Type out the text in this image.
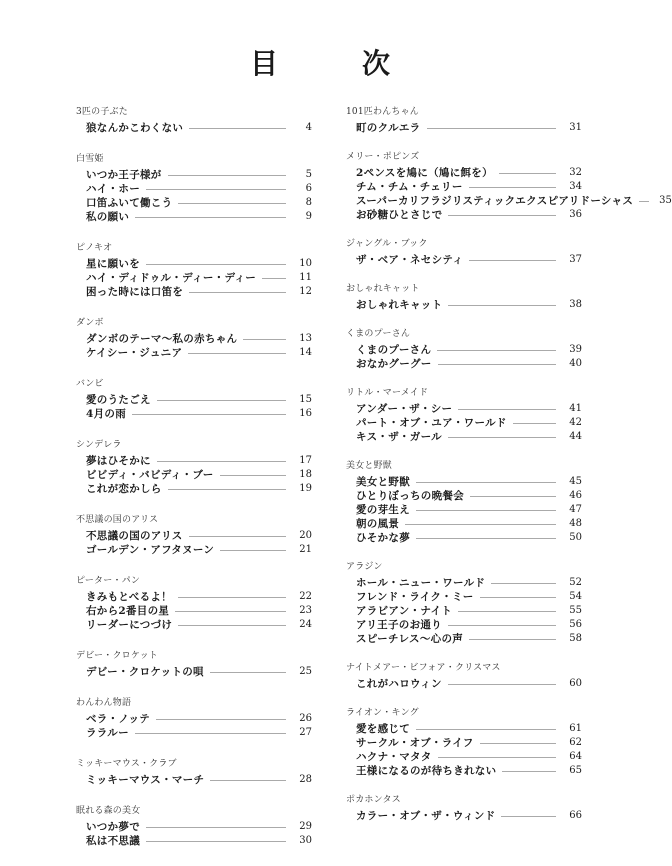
目　次
3匹の子ぶた
狼なんかこわくない	4
白雪姫
いつか王子様が	5
ハイ・ホー	6
口笛ふいて働こう	8
私の願い	9
ピノキオ
星に願いを	10
ハイ・ディドゥル・ディー・ディー	11
困った時には口笛を	12
ダンボ
ダンボのテーマ〜私の赤ちゃん	13
ケイシー・ジュニア	14
バンビ
愛のうたごえ	15
4月の雨	16
シンデレラ
夢はひそかに	17
ビビディ・バビディ・ブー	18
これが恋かしら	19
不思議の国のアリス
不思議の国のアリス	20
ゴールデン・アフタヌーン	21
ピーター・パン
きみもとべるよ！	22
右から2番目の星	23
リーダーにつづけ	24
デビー・クロケット
デビー・クロケットの唄	25
わんわん物語
ベラ・ノッテ	26
ララルー	27
ミッキーマウス・クラブ
ミッキーマウス・マーチ	28
眠れる森の美女
いつか夢で	29
私は不思議	30
101匹わんちゃん
町のクルエラ	31
メリー・ポピンズ
2ペンスを鳩に（鳩に餌を）	32
チム・チム・チェリー	34
スーパーカリフラジリスティックエクスピアリドーシャス	35
お砂糖ひとさじで	36
ジャングル・ブック
ザ・ベア・ネセシティ	37
おしゃれキャット
おしゃれキャット	38
くまのプーさん
くまのプーさん	39
おなかグーグー	40
リトル・マーメイド
アンダー・ザ・シー	41
パート・オブ・ユア・ワールド	42
キス・ザ・ガール	44
美女と野獣
美女と野獣	45
ひとりぼっちの晩餐会	46
愛の芽生え	47
朝の風景	48
ひそかな夢	50
アラジン
ホール・ニュー・ワールド	52
フレンド・ライク・ミー	54
アラビアン・ナイト	55
アリ王子のお通り	56
スピーチレス〜心の声	58
ナイトメアー・ビフォア・クリスマス
これがハロウィン	60
ライオン・キング
愛を感じて	61
サークル・オブ・ライフ	62
ハクナ・マタタ	64
王様になるのが待ちきれない	65
ポカホンタス
カラー・オブ・ザ・ウィンド	66
